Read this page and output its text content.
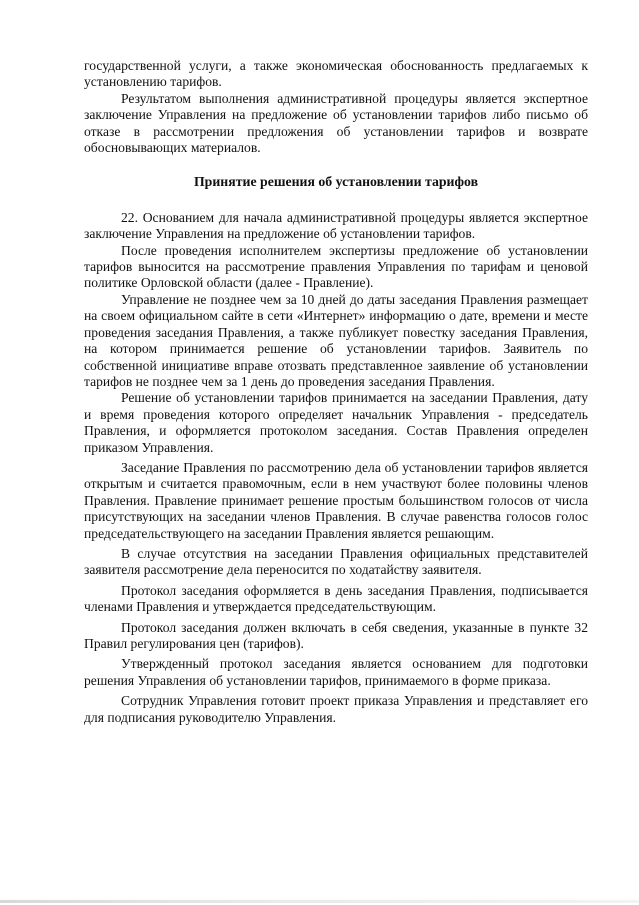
государственной услуги, а также экономическая обоснованность предлагаемых к установлению тарифов.

Результатом выполнения административной процедуры является экспертное заключение Управления на предложение об установлении тарифов либо письмо об отказе в рассмотрении предложения об установлении тарифов и возврате обосновывающих материалов.

Принятие решения об установлении тарифов

22. Основанием для начала административной процедуры является экспертное заключение Управления на предложение об установлении тарифов.

После проведения исполнителем экспертизы предложение об установлении тарифов выносится на рассмотрение правления Управления по тарифам и ценовой политике Орловской области (далее - Правление).

Управление не позднее чем за 10 дней до даты заседания Правления размещает на своем официальном сайте в сети «Интернет» информацию о дате, времени и месте проведения заседания Правления, а также публикует повестку заседания Правления, на котором принимается решение об установлении тарифов. Заявитель по собственной инициативе вправе отозвать представленное заявление об установлении тарифов не позднее чем за 1 день до проведения заседания Правления.

Решение об установлении тарифов принимается на заседании Правления, дату и время проведения которого определяет начальник Управления - председатель Правления, и оформляется протоколом заседания. Состав Правления определен приказом Управления.

Заседание Правления по рассмотрению дела об установлении тарифов является открытым и считается правомочным, если в нем участвуют более половины членов Правления. Правление принимает решение простым большинством голосов от числа присутствующих на заседании членов Правления. В случае равенства голосов голос председательствующего на заседании Правления является решающим.

В случае отсутствия на заседании Правления официальных представителей заявителя рассмотрение дела переносится по ходатайству заявителя.

Протокол заседания оформляется в день заседания Правления, подписывается членами Правления и утверждается председательствующим.

Протокол заседания должен включать в себя сведения, указанные в пункте 32 Правил регулирования цен (тарифов).

Утвержденный протокол заседания является основанием для подготовки решения Управления об установлении тарифов, принимаемого в форме приказа.

Сотрудник Управления готовит проект приказа Управления и представляет его для подписания руководителю Управления.
